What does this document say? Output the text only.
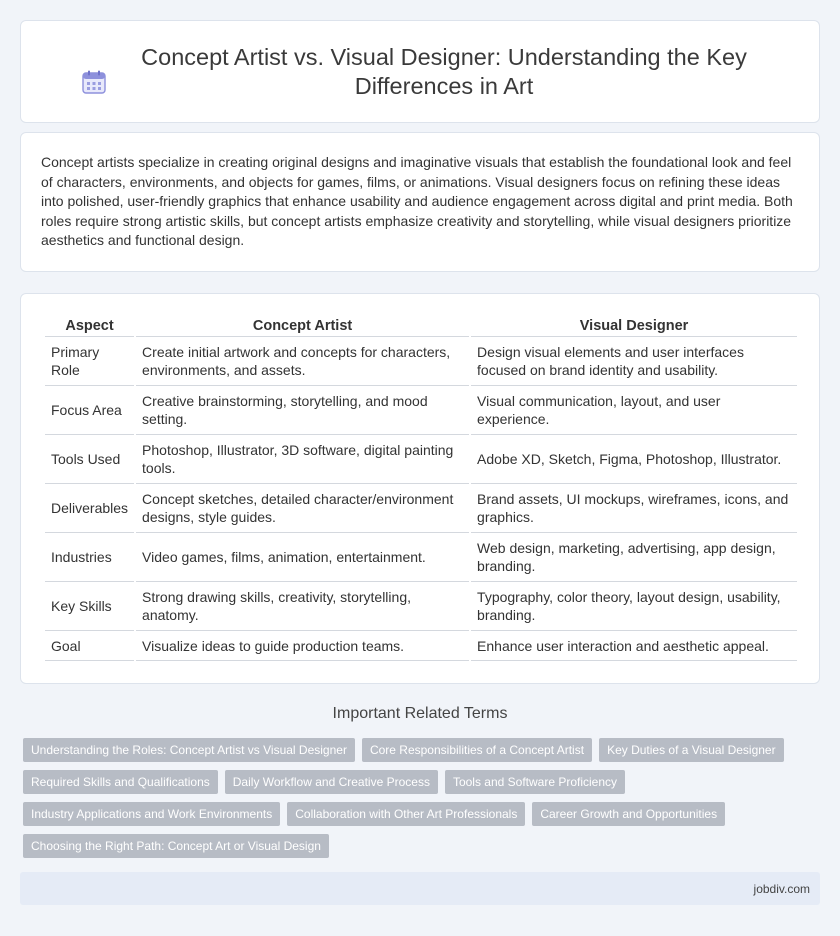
Concept Artist vs. Visual Designer: Understanding the Key Differences in Art

Concept artists specialize in creating original designs and imaginative visuals that establish the foundational look and feel of characters, environments, and objects for games, films, or animations. Visual designers focus on refining these ideas into polished, user-friendly graphics that enhance usability and audience engagement across digital and print media. Both roles require strong artistic skills, but concept artists emphasize creativity and storytelling, while visual designers prioritize aesthetics and functional design.

Aspect	Concept Artist	Visual Designer
Primary Role	Create initial artwork and concepts for characters, environments, and assets.	Design visual elements and user interfaces focused on brand identity and usability.
Focus Area	Creative brainstorming, storytelling, and mood setting.	Visual communication, layout, and user experience.
Tools Used	Photoshop, Illustrator, 3D software, digital painting tools.	Adobe XD, Sketch, Figma, Photoshop, Illustrator.
Deliverables	Concept sketches, detailed character/environment designs, style guides.	Brand assets, UI mockups, wireframes, icons, and graphics.
Industries	Video games, films, animation, entertainment.	Web design, marketing, advertising, app design, branding.
Key Skills	Strong drawing skills, creativity, storytelling, anatomy.	Typography, color theory, layout design, usability, branding.
Goal	Visualize ideas to guide production teams.	Enhance user interaction and aesthetic appeal.
Important Related Terms
Understanding the Roles: Concept Artist vs Visual Designer	Core Responsibilities of a Concept Artist	Key Duties of a Visual Designer
Required Skills and Qualifications	Daily Workflow and Creative Process	Tools and Software Proficiency
Industry Applications and Work Environments	Collaboration with Other Art Professionals	Career Growth and Opportunities
Choosing the Right Path: Concept Art or Visual Design
jobdiv.com
